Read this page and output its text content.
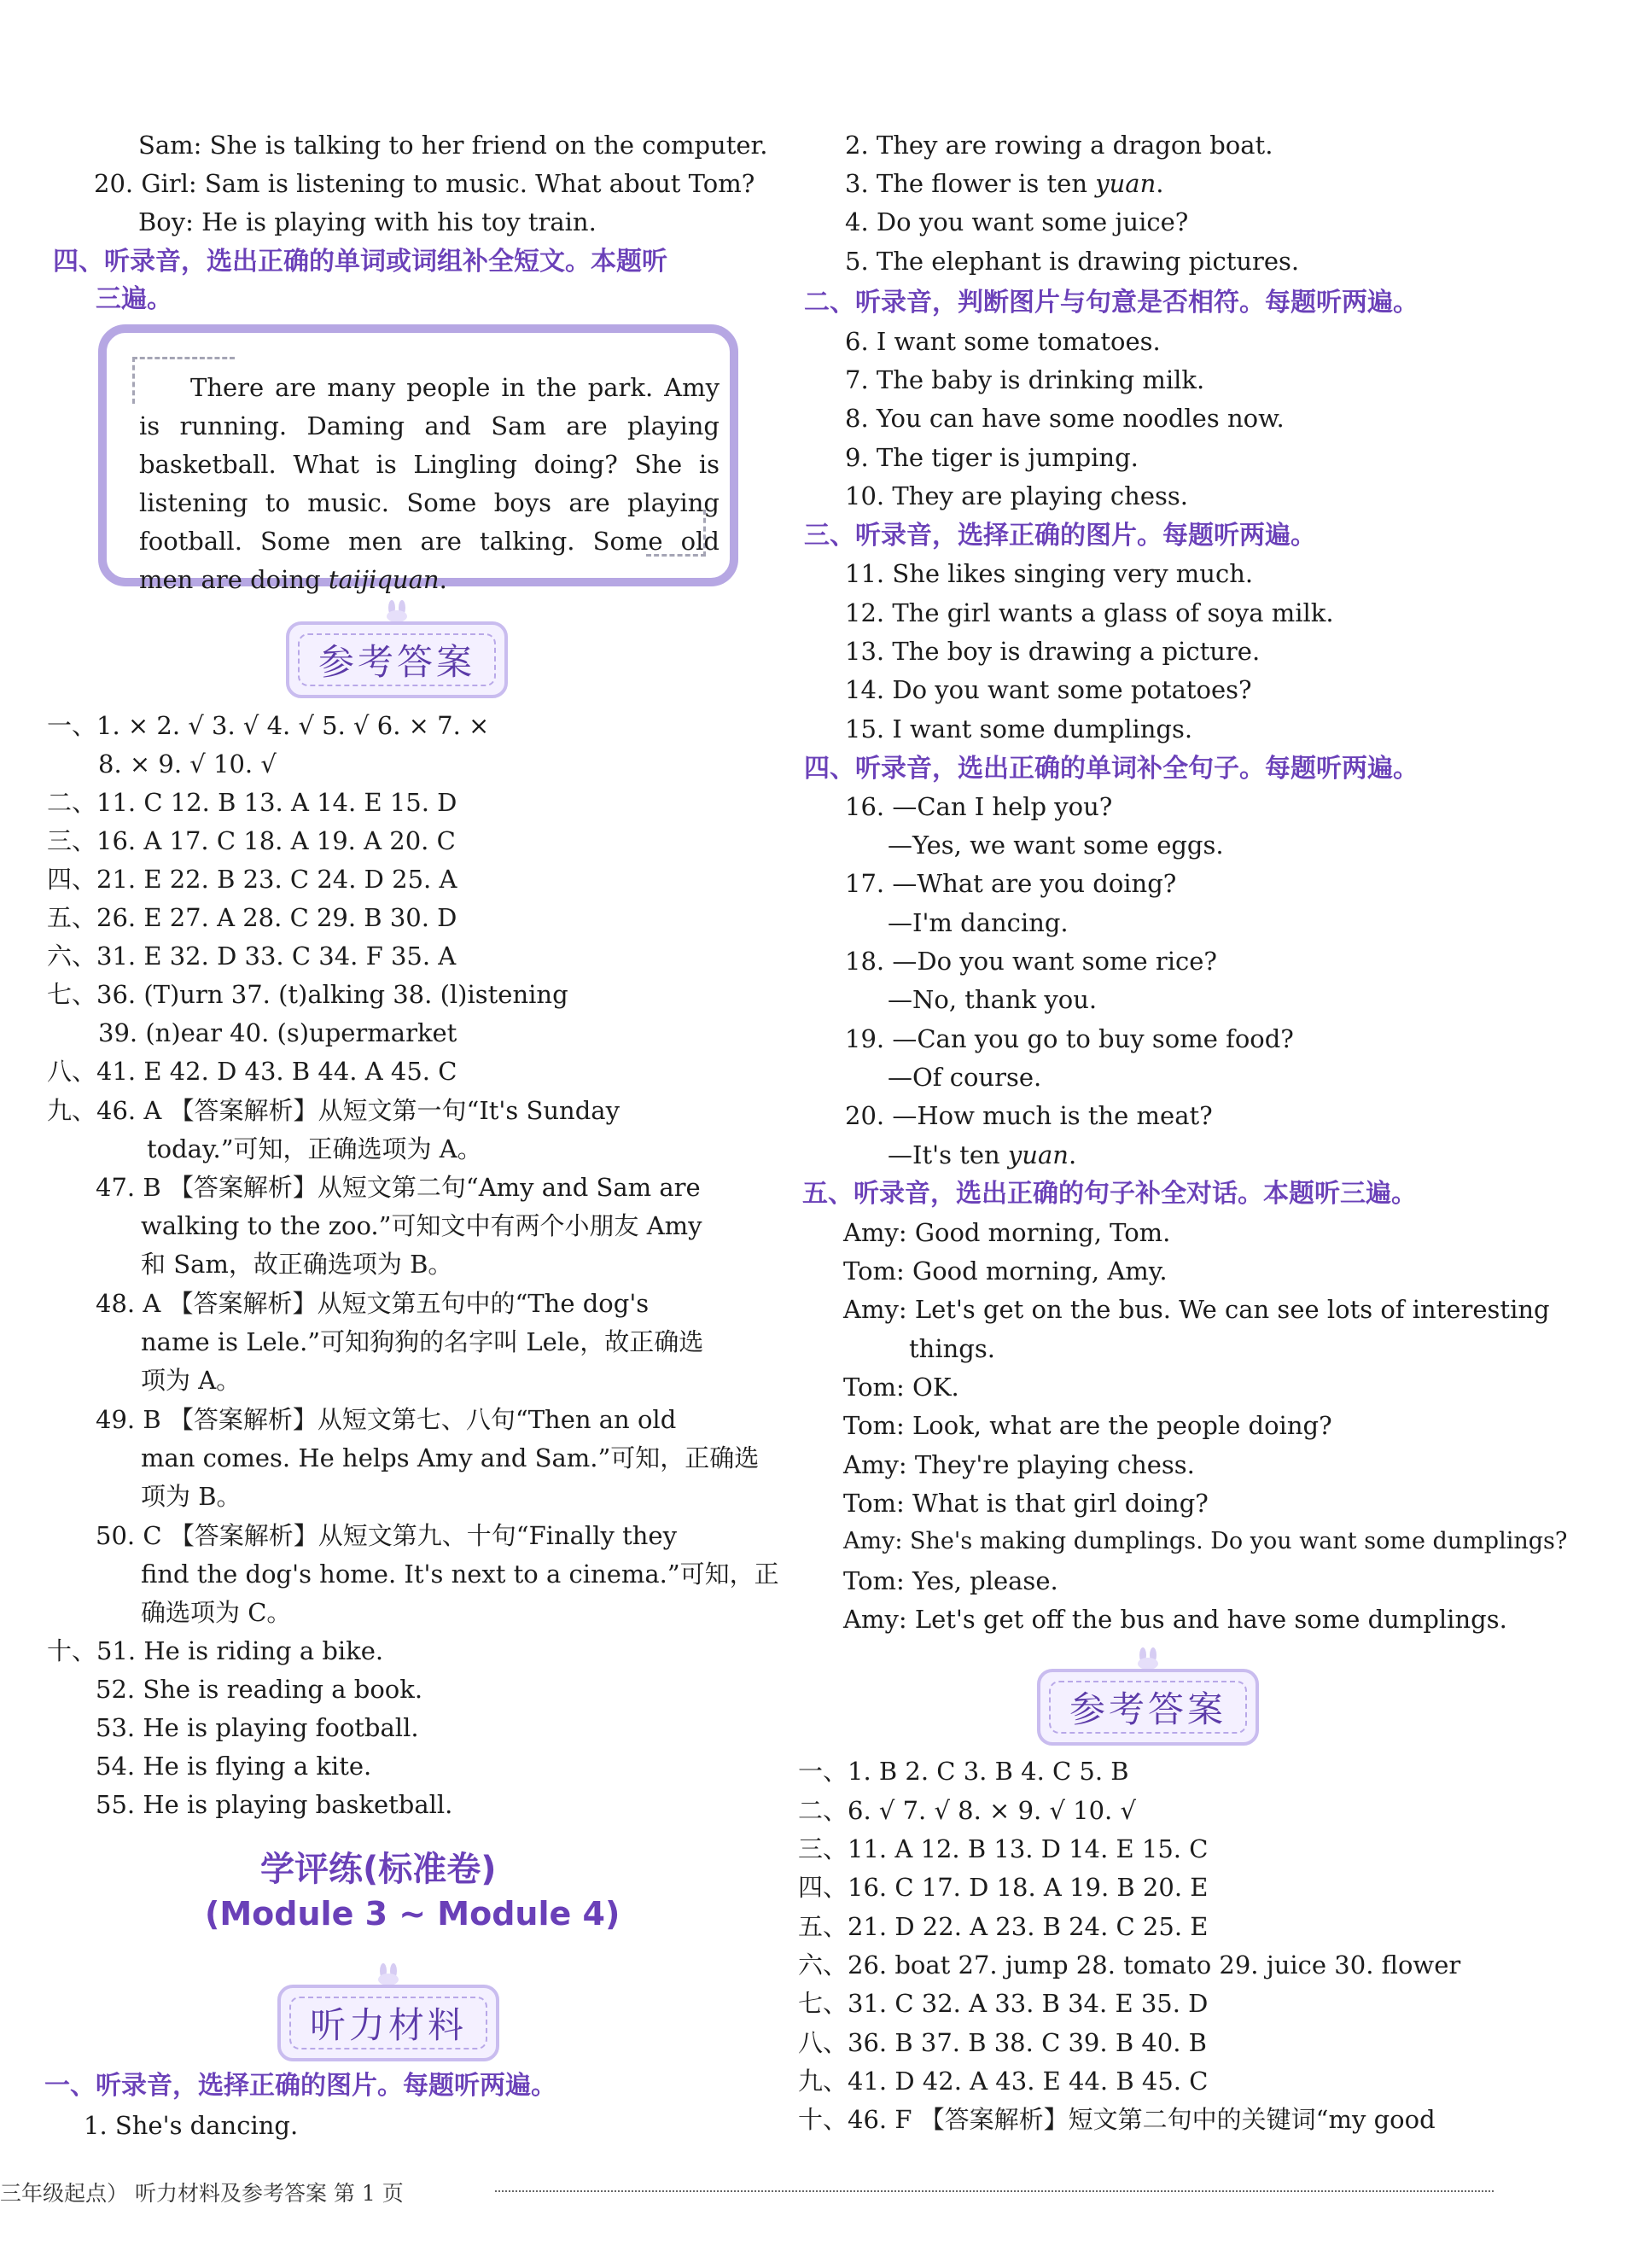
Sam: She is talking to her friend on the computer.
20. Girl: Sam is listening to music. What about Tom?
Boy: He is playing with his toy train.
四、听录音，选出正确的单词或词组补全短文。本题听
三遍。
There are many people in the park. Amy is running. Daming and Sam are playing basketball. What is Lingling doing? She is listening to music. Some boys are playing football. Some men are talking. Some old men are doing taijiquan.
参考答案
一、1. × 2. √ 3. √ 4. √ 5. √ 6. × 7. ×
8. × 9. √ 10. √
二、11. C 12. B 13. A 14. E 15. D
三、16. A 17. C 18. A 19. A 20. C
四、21. E 22. B 23. C 24. D 25. A
五、26. E 27. A 28. C 29. B 30. D
六、31. E 32. D 33. C 34. F 35. A
七、36. (T)urn 37. (t)alking 38. (l)istening
39. (n)ear 40. (s)upermarket
八、41. E 42. D 43. B 44. A 45. C
九、46. A 【答案解析】从短文第一句“It's Sunday
today.”可知，正确选项为 A。
47. B 【答案解析】从短文第二句“Amy and Sam are
walking to the zoo.”可知文中有两个小朋友 Amy
和 Sam，故正确选项为 B。
48. A 【答案解析】从短文第五句中的“The dog's
name is Lele.”可知狗狗的名字叫 Lele，故正确选
项为 A。
49. B 【答案解析】从短文第七、八句“Then an old
man comes. He helps Amy and Sam.”可知，正确选
项为 B。
50. C 【答案解析】从短文第九、十句“Finally they
find the dog's home. It's next to a cinema.”可知，正
确选项为 C。
十、51. He is riding a bike.
52. She is reading a book.
53. He is playing football.
54. He is flying a kite.
55. He is playing basketball.
学评练(标准卷)
(Module 3 ~ Module 4)
听力材料
一、听录音，选择正确的图片。每题听两遍。
1. She's dancing.
2. They are rowing a dragon boat.
3. The flower is ten yuan.
4. Do you want some juice?
5. The elephant is drawing pictures.
二、听录音，判断图片与句意是否相符。每题听两遍。
6. I want some tomatoes.
7. The baby is drinking milk.
8. You can have some noodles now.
9. The tiger is jumping.
10. They are playing chess.
三、听录音，选择正确的图片。每题听两遍。
11. She likes singing very much.
12. The girl wants a glass of soya milk.
13. The boy is drawing a picture.
14. Do you want some potatoes?
15. I want some dumplings.
四、听录音，选出正确的单词补全句子。每题听两遍。
16. —Can I help you?
—Yes, we want some eggs.
17. —What are you doing?
—I'm dancing.
18. —Do you want some rice?
—No, thank you.
19. —Can you go to buy some food?
—Of course.
20. —How much is the meat?
—It's ten yuan.
五、听录音，选出正确的句子补全对话。本题听三遍。
Amy: Good morning, Tom.
Tom: Good morning, Amy.
Amy: Let's get on the bus. We can see lots of interesting
things.
Tom: OK.
Tom: Look, what are the people doing?
Amy: They're playing chess.
Tom: What is that girl doing?
Amy: She's making dumplings. Do you want some dumplings?
Tom: Yes, please.
Amy: Let's get off the bus and have some dumplings.
参考答案
一、1. B 2. C 3. B 4. C 5. B
二、6. √ 7. √ 8. × 9. √ 10. √
三、11. A 12. B 13. D 14. E 15. C
四、16. C 17. D 18. A 19. B 20. E
五、21. D 22. A 23. B 24. C 25. E
六、26. boat 27. jump 28. tomato 29. juice 30. flower
七、31. C 32. A 33. B 34. E 35. D
八、36. B 37. B 38. C 39. B 40. B
九、41. D 42. A 43. E 44. B 45. C
十、46. F 【答案解析】短文第二句中的关键词“my good
三年级起点） 听力材料及参考答案 第 1 页
